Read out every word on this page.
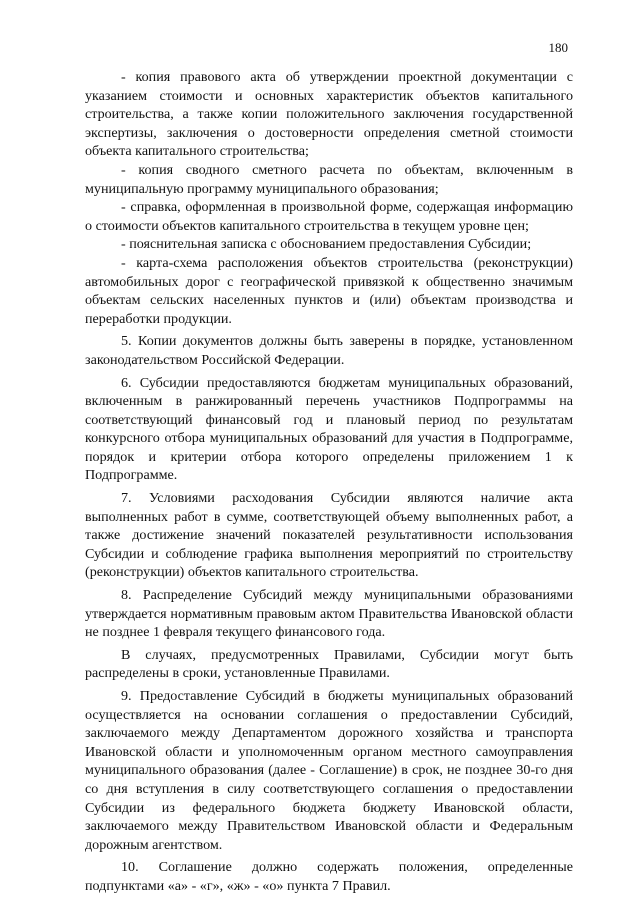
180

- копия правового акта об утверждении проектной документации с указанием стоимости и основных характеристик объектов капитального строительства, а также копии положительного заключения государственной экспертизы, заключения о достоверности определения сметной стоимости объекта капитального строительства;

- копия сводного сметного расчета по объектам, включенным в муниципальную программу муниципального образования;

- справка, оформленная в произвольной форме, содержащая информацию о стоимости объектов капитального строительства в текущем уровне цен;

- пояснительная записка с обоснованием предоставления Субсидии;

- карта-схема расположения объектов строительства (реконструкции) автомобильных дорог с географической привязкой к общественно значимым объектам сельских населенных пунктов и (или) объектам производства и переработки продукции.

5. Копии документов должны быть заверены в порядке, установленном законодательством Российской Федерации.

6. Субсидии предоставляются бюджетам муниципальных образований, включенным в ранжированный перечень участников Подпрограммы на соответствующий финансовый год и плановый период по результатам конкурсного отбора муниципальных образований для участия в Подпрограмме, порядок и критерии отбора которого определены приложением 1 к Подпрограмме.

7. Условиями расходования Субсидии являются наличие акта выполненных работ в сумме, соответствующей объему выполненных работ, а также достижение значений показателей результативности использования Субсидии и соблюдение графика выполнения мероприятий по строительству (реконструкции) объектов капитального строительства.

8. Распределение Субсидий между муниципальными образованиями утверждается нормативным правовым актом Правительства Ивановской области не позднее 1 февраля текущего финансового года.

В случаях, предусмотренных Правилами, Субсидии могут быть распределены в сроки, установленные Правилами.

9. Предоставление Субсидий в бюджеты муниципальных образований осуществляется на основании соглашения о предоставлении Субсидий, заключаемого между Департаментом дорожного хозяйства и транспорта Ивановской области и уполномоченным органом местного самоуправления муниципального образования (далее - Соглашение) в срок, не позднее 30-го дня со дня вступления в силу соответствующего соглашения о предоставлении Субсидии из федерального бюджета бюджету Ивановской области, заключаемого между Правительством Ивановской области и Федеральным дорожным агентством.

10. Соглашение должно содержать положения, определенные подпунктами «а» - «г», «ж» - «о» пункта 7 Правил.
